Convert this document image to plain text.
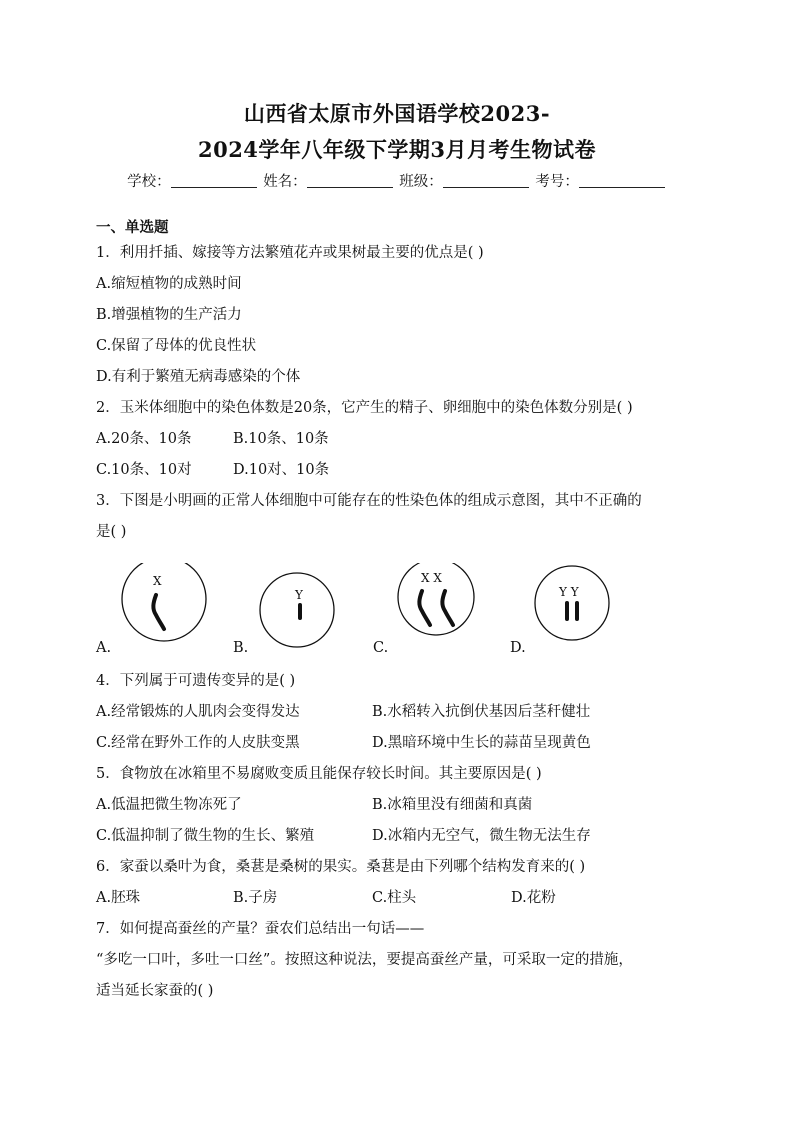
山西省太原市外国语学校2023-
2024学年八年级下学期3月月考生物试卷
学校：	姓名：	班级：	考号：
一、单选题
1．利用扦插、嫁接等方法繁殖花卉或果树最主要的优点是( )
A.缩短植物的成熟时间
B.增强植物的生产活力
C.保留了母体的优良性状
D.有利于繁殖无病毒感染的个体
2．玉米体细胞中的染色体数是20条，它产生的精子、卵细胞中的染色体数分别是( )
A.20条、10条	B.10条、10条
C.10条、10对	D.10对、10条
3．下图是小明画的正常人体细胞中可能存在的性染色体的组成示意图，其中不正确的
是( )
X
Y
X X
Y Y
A.	B.	C.	D.
4．下列属于可遗传变异的是( )
A.经常锻炼的人肌肉会变得发达	B.水稻转入抗倒伏基因后茎秆健壮
C.经常在野外工作的人皮肤变黑	D.黑暗环境中生长的蒜苗呈现黄色
5．食物放在冰箱里不易腐败变质且能保存较长时间。其主要原因是( )
A.低温把微生物冻死了	B.冰箱里没有细菌和真菌
C.低温抑制了微生物的生长、繁殖	D.冰箱内无空气，微生物无法生存
6．家蚕以桑叶为食，桑葚是桑树的果实。桑葚是由下列哪个结构发育来的( )
A.胚珠	B.子房	C.柱头	D.花粉
7．如何提高蚕丝的产量？蚕农们总结出一句话——
“多吃一口叶，多吐一口丝”。按照这种说法，要提高蚕丝产量，可采取一定的措施，
适当延长家蚕的( )
